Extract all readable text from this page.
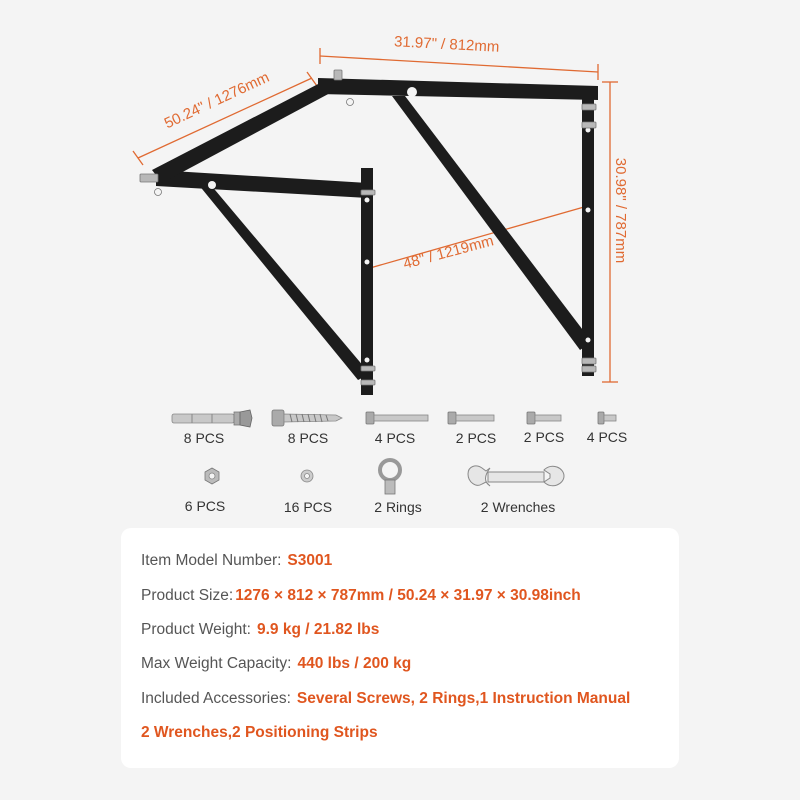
31.97" / 812mm
50.24" / 1276mm
30.98" / 787mm
48" / 1219mm
8 PCS	8 PCS	4 PCS	2 PCS 2 PCS 4 PCS
6 PCS	16 PCS	2 Rings	2 Wrenches
Item Model Number: S3001
Product Size: 1276 × 812 × 787mm / 50.24 × 31.97 × 30.98inch
Product Weight: 9.9 kg / 21.82 lbs
Max Weight Capacity: 440 lbs / 200 kg
Included Accessories: Several Screws, 2 Rings,1 Instruction Manual
2 Wrenches,2 Positioning Strips
